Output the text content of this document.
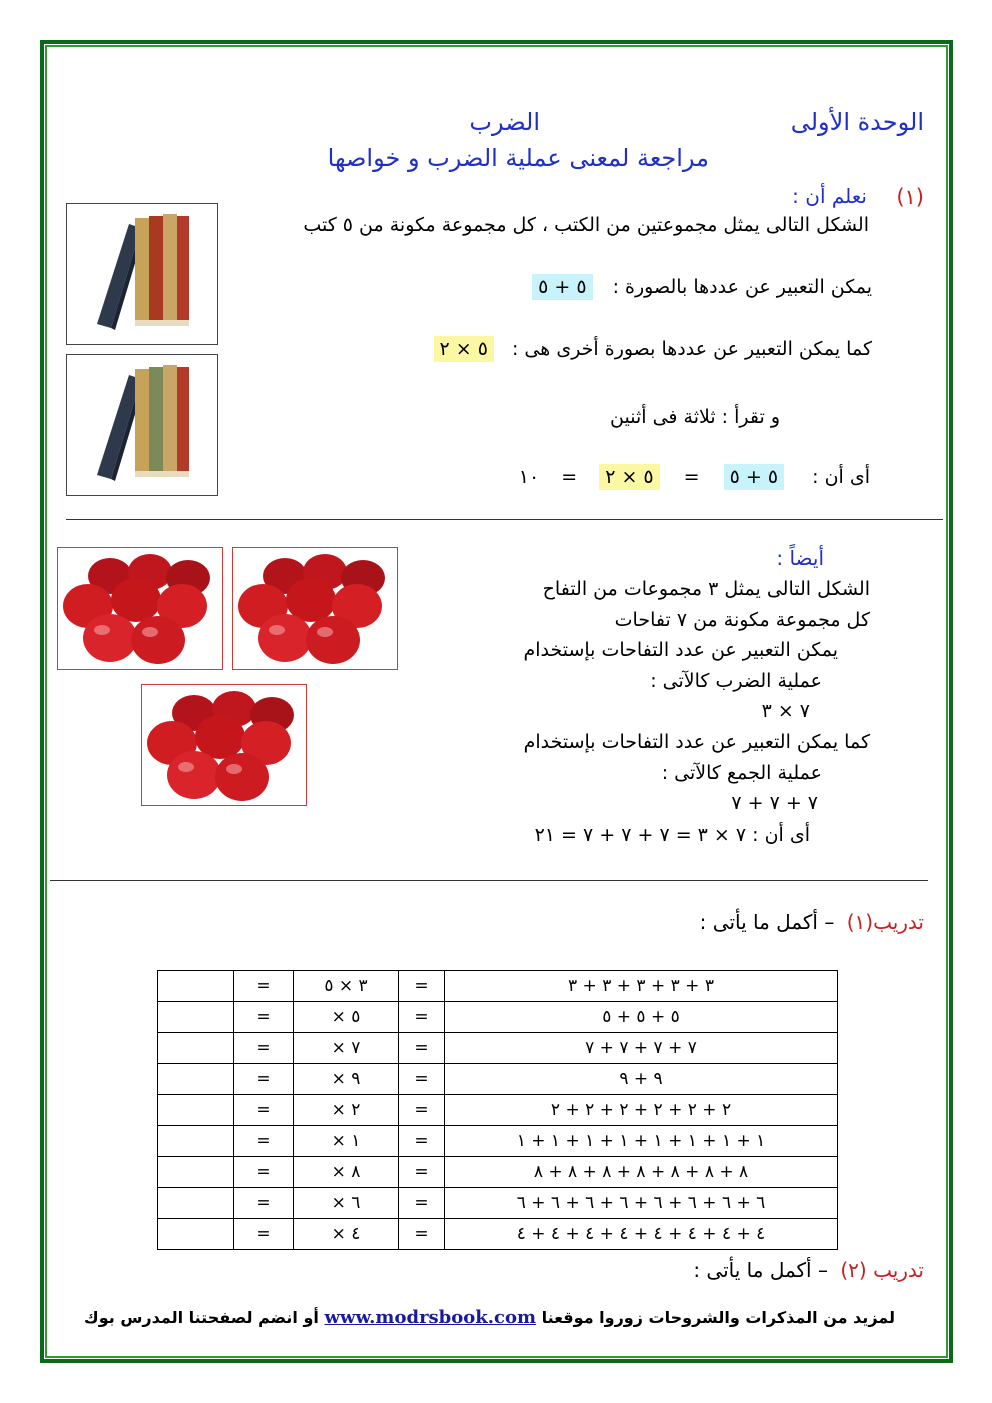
الوحدة الأولى
الضرب
مراجعة لمعنى عملية الضرب و خواصها
(١)
نعلم أن :
الشكل التالى يمثل مجموعتين من الكتب ، كل مجموعة مكونة من ٥ كتب
يمكن التعبير عن عددها بالصورة : ٥ + ٥
كما يمكن التعبير عن عددها بصورة أخرى هى : ٥ × ٢
و تقرأ : ثلاثة فى أثنين
أى أن : ٥ + ٥ = ٥ × ٢ = ١٠
أيضاً :
الشكل التالى يمثل ٣ مجموعات من التفاح
كل مجموعة مكونة من ٧ تفاحات
يمكن التعبير عن عدد التفاحات بإستخدام
عملية الضرب كالآتى :
٧ × ٣
كما يمكن التعبير عن عدد التفاحات بإستخدام
عملية الجمع كالآتى :
٧ + ٧ + ٧
أى أن : ٧ × ٣ = ٧ + ٧ + ٧ = ٢١
تدريب(١) – أكمل ما يأتى :
	=	٣ × ٥	=	٣ + ٣ + ٣ + ٣ + ٣
	=	× ٥	=	٥ + ٥ + ٥
	=	× ٧	=	٧ + ٧ + ٧ + ٧
	=	× ٩	=	٩ + ٩
	=	× ٢	=	٢ + ٢ + ٢ + ٢ + ٢ + ٢
	=	× ١	=	١ + ١ + ١ + ١ + ١ + ١ + ١ + ١
	=	× ٨	=	٨ + ٨ + ٨ + ٨ + ٨ + ٨ + ٨
	=	× ٦	=	٦ + ٦ + ٦ + ٦ + ٦ + ٦ + ٦ + ٦
	=	× ٤	=	٤ + ٤ + ٤ + ٤ + ٤ + ٤ + ٤ + ٤
تدريب (٢) – أكمل ما يأتى :
لمزيد من المذكرات والشروحات زوروا موقعنا www.modrsbook.com أو انضم لصفحتنا المدرس بوك
